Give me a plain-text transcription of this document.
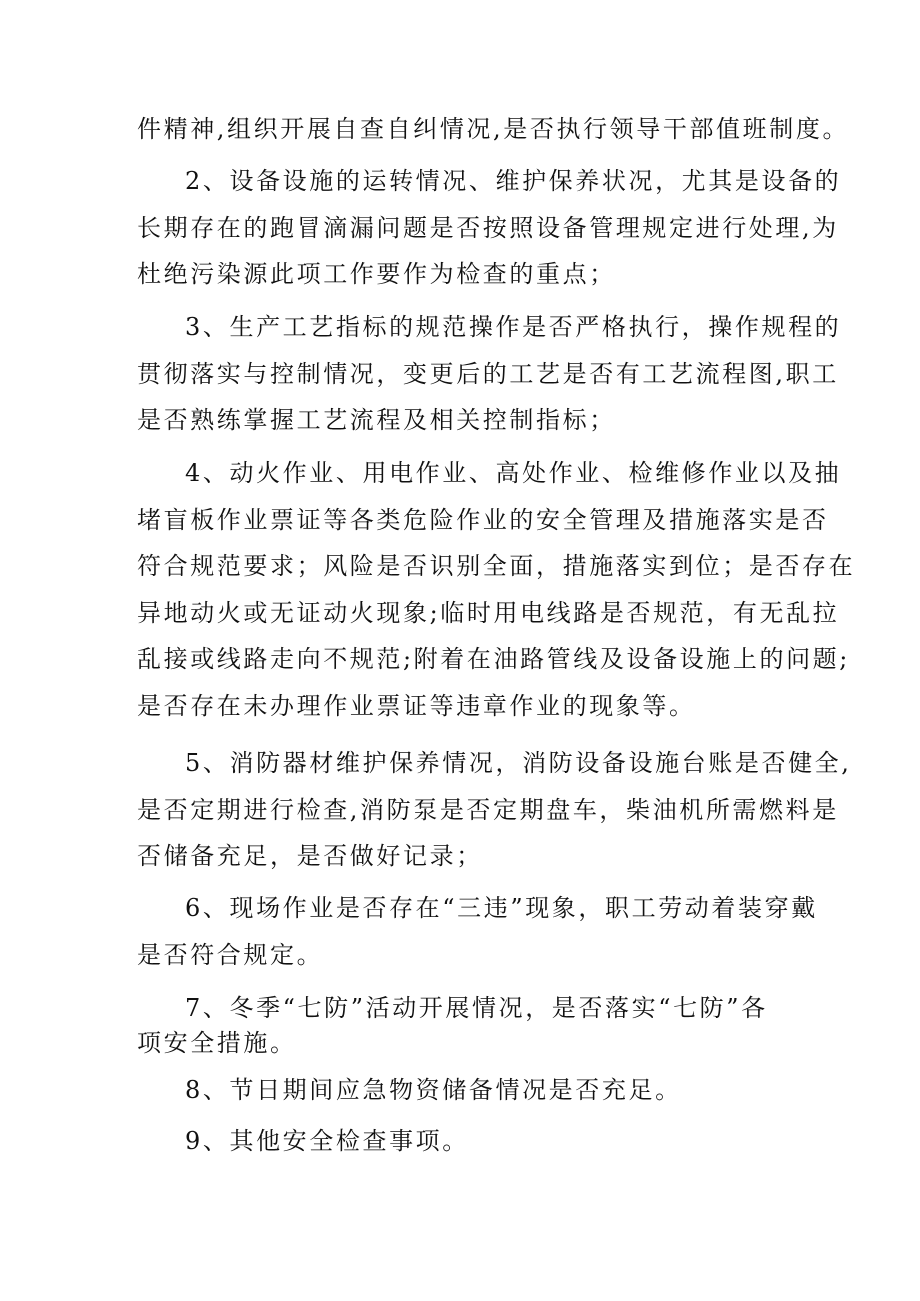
件精神,组织开展自查自纠情况,是否执行领导干部值班制度。

2、设备设施的运转情况、维护保养状况，尤其是设备的
长期存在的跑冒滴漏问题是否按照设备管理规定进行处理,为
杜绝污染源此项工作要作为检查的重点；

3、生产工艺指标的规范操作是否严格执行，操作规程的
贯彻落实与控制情况，变更后的工艺是否有工艺流程图,职工
是否熟练掌握工艺流程及相关控制指标；

4、动火作业、用电作业、高处作业、检维修作业以及抽
堵盲板作业票证等各类危险作业的安全管理及措施落实是否
符合规范要求；风险是否识别全面，措施落实到位；是否存在
异地动火或无证动火现象;临时用电线路是否规范，有无乱拉
乱接或线路走向不规范;附着在油路管线及设备设施上的问题;
是否存在未办理作业票证等违章作业的现象等。

5、消防器材维护保养情况，消防设备设施台账是否健全,
是否定期进行检查,消防泵是否定期盘车，柴油机所需燃料是
否储备充足，是否做好记录；

6、现场作业是否存在“三违”现象，职工劳动着装穿戴
是否符合规定。

7、冬季“七防”活动开展情况，是否落实“七防”各
项安全措施。

8、节日期间应急物资储备情况是否充足。

9、其他安全检查事项。
